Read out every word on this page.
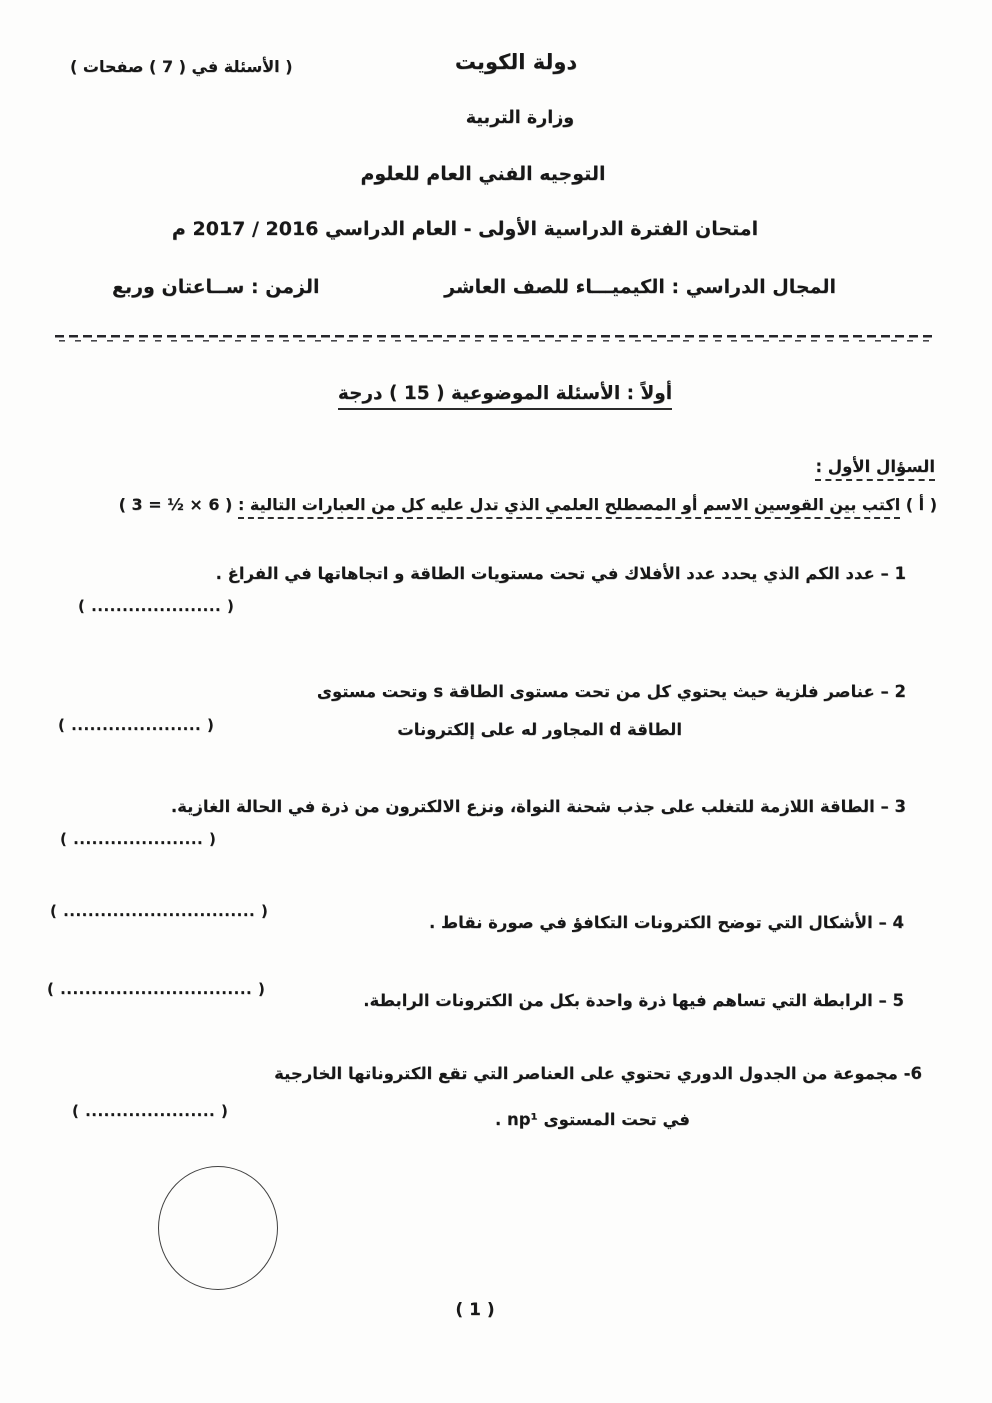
( الأسئلة في ( 7 ) صفحات )	دولة الكويت
وزارة التربية
التوجيه الفني العام للعلوم
امتحان الفترة الدراسية الأولى - العام الدراسي 2016 / 2017 م
المجال الدراسي : الكيميـــاء للصف العاشر
الزمن : ســاعتان وربع
أولاً : الأسئلة الموضوعية ( 15 ) درجة
السؤال الأول :
( أ ) اكتب بين القوسين الاسم أو المصطلح العلمي الذي تدل عليه كل من العبارات التالية : ( 6 × ½ = 3 )
1 – عدد الكم الذي يحدد عدد الأفلاك في تحت مستويات الطاقة و اتجاهاتها في الفراغ .
( ..................... )
2 – عناصر فلزية حيث يحتوي كل من تحت مستوى الطاقة s وتحت مستوى
الطاقة d المجاور له على إلكترونات
( ..................... )
3 – الطاقة اللازمة للتغلب على جذب شحنة النواة، ونزع الالكترون من ذرة في الحالة الغازية.
( ..................... )
4 – الأشكال التي توضح الكترونات التكافؤ في صورة نقاط .
( ............................... )
5 – الرابطة التي تساهم فيها ذرة واحدة بكل من الكترونات الرابطة.
( ............................... )
6- مجموعة من الجدول الدوري تحتوي على العناصر التي تقع الكتروناتها الخارجية
في تحت المستوى np¹ .
( ..................... )
( 1 )
